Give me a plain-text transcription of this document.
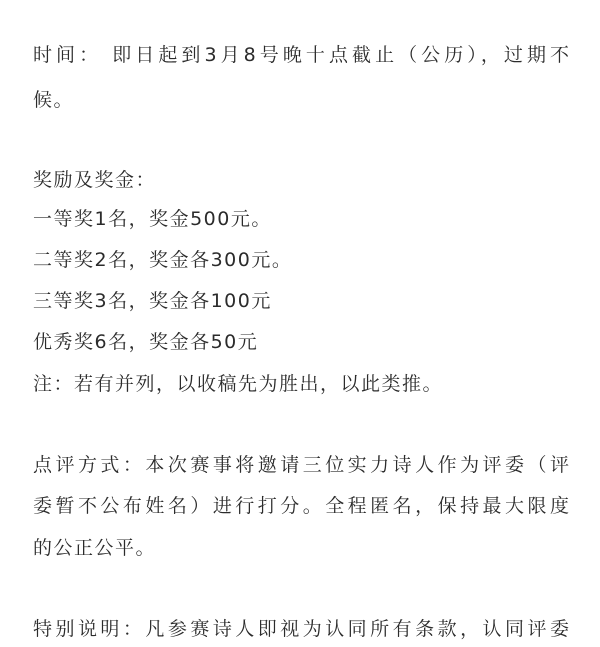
时间： 即日起到3月8号晚十点截止（公历），过期不
候。
奖励及奖金：
一等奖1名，奖金500元。
二等奖2名，奖金各300元。
三等奖3名，奖金各100元
优秀奖6名，奖金各50元
注：若有并列，以收稿先为胜出，以此类推。
点评方式：本次赛事将邀请三位实力诗人作为评委（评
委暂不公布姓名）进行打分。全程匿名，保持最大限度
的公正公平。
特别说明：凡参赛诗人即视为认同所有条款，认同评委
